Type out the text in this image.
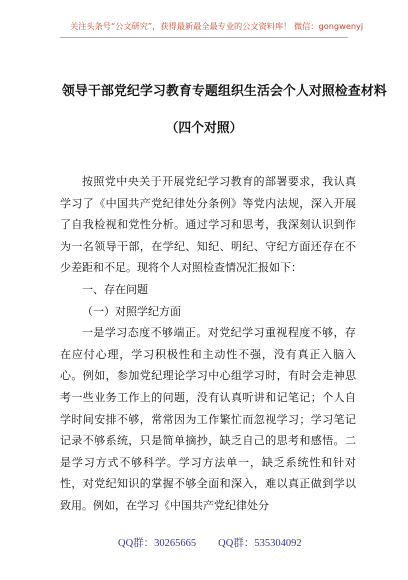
关注头条号“公文研究”，获得最新最全最专业的公文资料库！ 微信：gongwenyj
领导干部党纪学习教育专题组织生活会个人对照检查材料
（四个对照）

按照党中央关于开展党纪学习教育的部署要求，我认真学习了《中国共产党纪律处分条例》等党内法规，深入开展了自我检视和党性分析。通过学习和思考，我深刻认识到作为一名领导干部，在学纪、知纪、明纪、守纪方面还存在不少差距和不足。现将个人对照检查情况汇报如下：

一、存在问题

（一）对照学纪方面

一是学习态度不够端正。对党纪学习重视程度不够，存在应付心理，学习积极性和主动性不强，没有真正入脑入心。例如，参加党纪理论学习中心组学习时，有时会走神思考一些业务工作上的问题，没有认真听讲和记笔记；个人自学时间安排不够，常常因为工作繁忙而忽视学习；学习笔记记录不够系统，只是简单摘抄，缺乏自己的思考和感悟。二是学习方式不够科学。学习方法单一，缺乏系统性和针对性，对党纪知识的掌握不够全面和深入，难以真正做到学以致用。例如，在学习《中国共产党纪律处分

QQ群：30265665 QQ群：535304092
